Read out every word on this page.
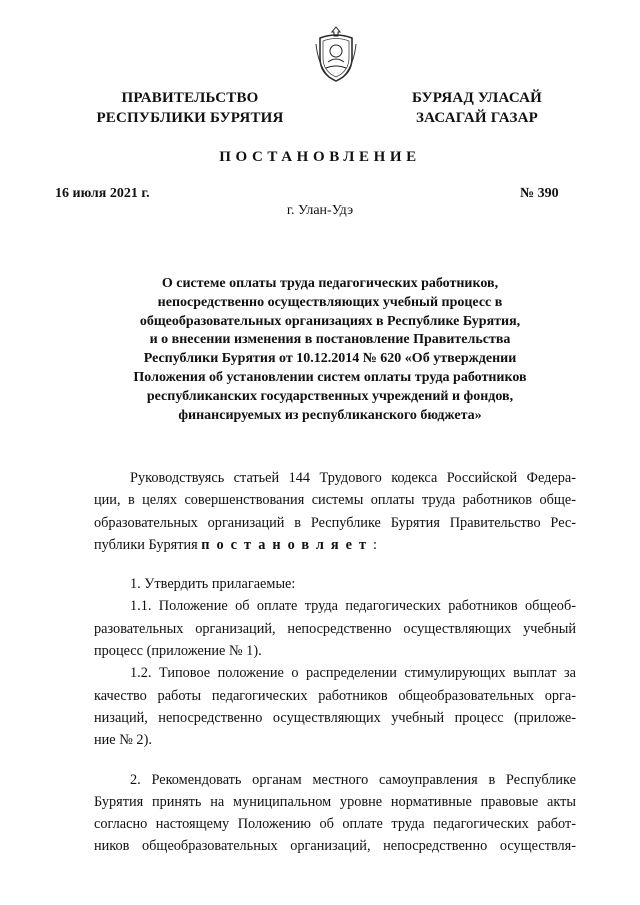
ПРАВИТЕЛЬСТВО
РЕСПУБЛИКИ БУРЯТИЯ
БУРЯАД УЛАСАЙ
ЗАСАГАЙ ГАЗАР
ПОСТАНОВЛЕНИЕ
16 июля 2021 г.	№ 390
г. Улан-Удэ
О системе оплаты труда педагогических работников,
непосредственно осуществляющих учебный процесс в
общеобразовательных организациях в Республике Бурятия,
и о внесении изменения в постановление Правительства
Республики Бурятия от 10.12.2014 № 620 «Об утверждении
Положения об установлении систем оплаты труда работников
республиканских государственных учреждений и фондов,
финансируемых из республиканского бюджета»
Руководствуясь статьей 144 Трудового кодекса Российской Федера-
ции, в целях совершенствования системы оплаты труда работников обще-
образовательных организаций в Республике Бурятия Правительство Рес-
публики Бурятия постановляет:
1. Утвердить прилагаемые:
1.1. Положение об оплате труда педагогических работников общеоб-
разовательных организаций, непосредственно осуществляющих учебный
процесс (приложение № 1).
1.2. Типовое положение о распределении стимулирующих выплат за
качество работы педагогических работников общеобразовательных орга-
низаций, непосредственно осуществляющих учебный процесс (приложе-
ние № 2).
2. Рекомендовать органам местного самоуправления в Республике
Бурятия принять на муниципальном уровне нормативные правовые акты
согласно настоящему Положению об оплате труда педагогических работ-
ников общеобразовательных организаций, непосредственно осуществля-
